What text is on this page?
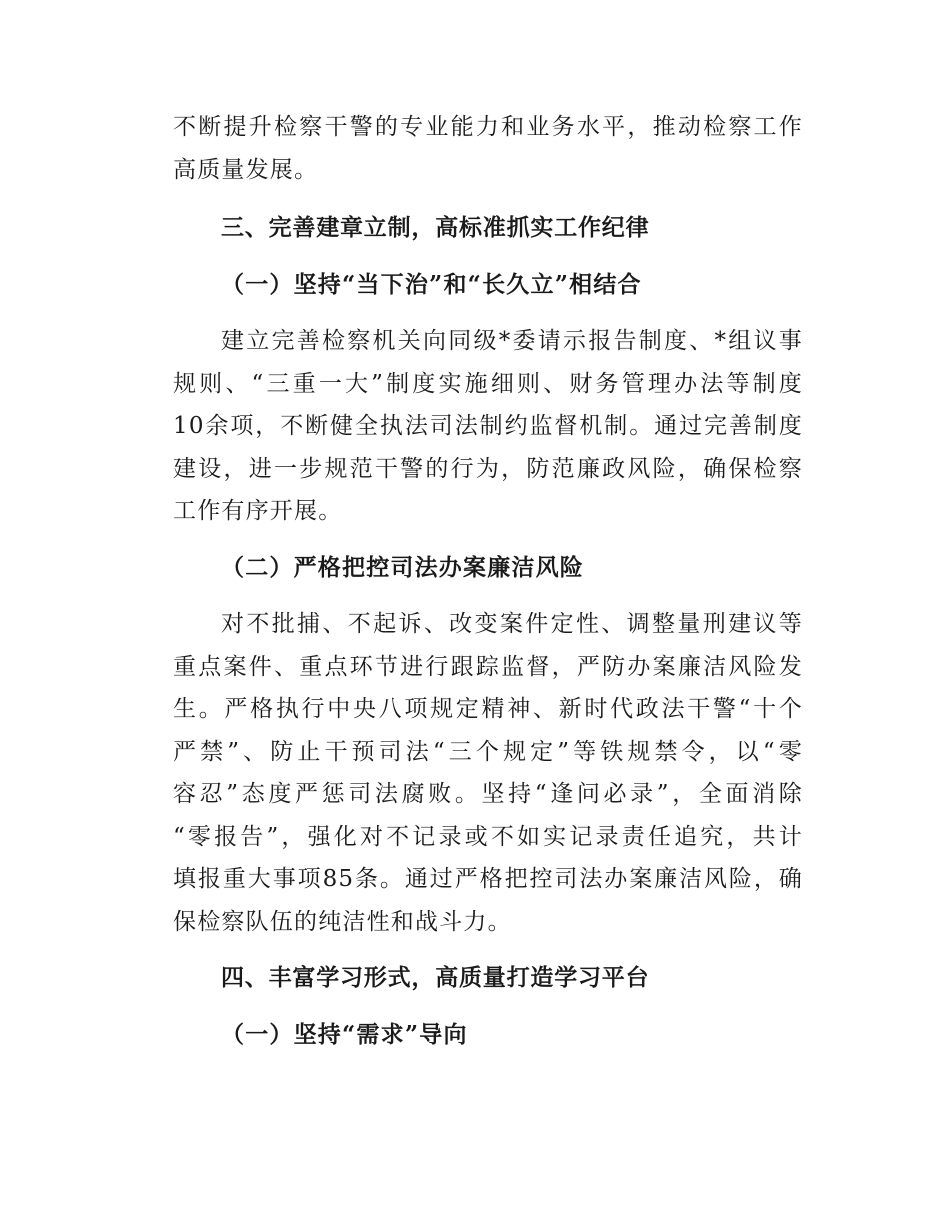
不断提升检察干警的专业能力和业务水平，推动检察工作
高质量发展。
三、完善建章立制，高标准抓实工作纪律
（一）坚持“当下治”和“长久立”相结合
建立完善检察机关向同级*委请示报告制度、*组议事
规则、“三重一大”制度实施细则、财务管理办法等制度
10余项，不断健全执法司法制约监督机制。通过完善制度
建设，进一步规范干警的行为，防范廉政风险，确保检察
工作有序开展。
（二）严格把控司法办案廉洁风险
对不批捕、不起诉、改变案件定性、调整量刑建议等
重点案件、重点环节进行跟踪监督，严防办案廉洁风险发
生。严格执行中央八项规定精神、新时代政法干警“十个
严禁”、防止干预司法“三个规定”等铁规禁令，以“零
容忍”态度严惩司法腐败。坚持“逢问必录”，全面消除
“零报告”，强化对不记录或不如实记录责任追究，共计
填报重大事项85条。通过严格把控司法办案廉洁风险，确
保检察队伍的纯洁性和战斗力。
四、丰富学习形式，高质量打造学习平台
（一）坚持“需求”导向
